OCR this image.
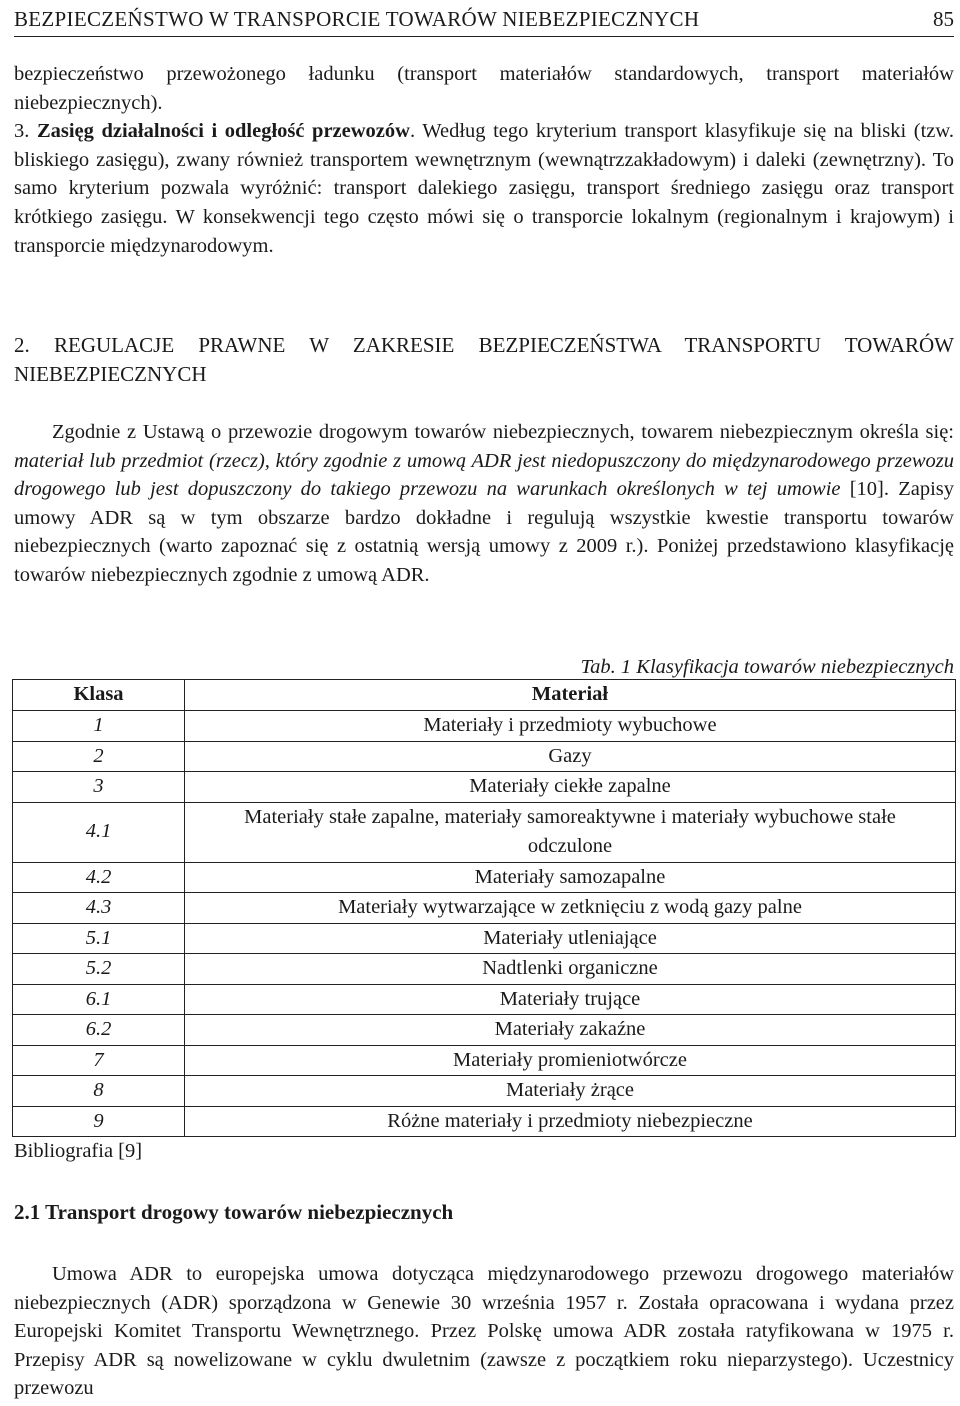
BEZPIECZEŃSTWO W TRANSPORCIE TOWARÓW NIEBEZPIECZNYCH	85

bezpieczeństwo przewożonego ładunku (transport materiałów standardowych, transport materiałów niebezpiecznych).

3. Zasięg działalności i odległość przewozów. Według tego kryterium transport klasyfikuje się na bliski (tzw. bliskiego zasięgu), zwany również transportem wewnętrznym (wewnątrzzakładowym) i daleki (zewnętrzny). To samo kryterium pozwala wyróżnić: transport dalekiego zasięgu, transport średniego zasięgu oraz transport krótkiego zasięgu. W konsekwencji tego często mówi się o transporcie lokalnym (regionalnym i krajowym) i transporcie międzynarodowym.

2. REGULACJE PRAWNE W ZAKRESIE BEZPIECZEŃSTWA TRANSPORTU TOWARÓW NIEBEZPIECZNYCH

Zgodnie z Ustawą o przewozie drogowym towarów niebezpiecznych, towarem niebezpiecznym określa się: materiał lub przedmiot (rzecz), który zgodnie z umową ADR jest niedopuszczony do międzynarodowego przewozu drogowego lub jest dopuszczony do takiego przewozu na warunkach określonych w tej umowie [10]. Zapisy umowy ADR są w tym obszarze bardzo dokładne i regulują wszystkie kwestie transportu towarów niebezpiecznych (warto zapoznać się z ostatnią wersją umowy z 2009 r.). Poniżej przedstawiono klasyfikację towarów niebezpiecznych zgodnie z umową ADR.

Tab. 1 Klasyfikacja towarów niebezpiecznych

Klasa	Materiał
1	Materiały i przedmioty wybuchowe
2	Gazy
3	Materiały ciekłe zapalne
4.1	Materiały stałe zapalne, materiały samoreaktywne i materiały wybuchowe stałe odczulone
4.2	Materiały samozapalne
4.3	Materiały wytwarzające w zetknięciu z wodą gazy palne
5.1	Materiały utleniające
5.2	Nadtlenki organiczne
6.1	Materiały trujące
6.2	Materiały zakaźne
7	Materiały promieniotwórcze
8	Materiały żrące
9	Różne materiały i przedmioty niebezpieczne

Bibliografia [9]

2.1 Transport drogowy towarów niebezpiecznych

Umowa ADR to europejska umowa dotycząca międzynarodowego przewozu drogowego materiałów niebezpiecznych (ADR) sporządzona w Genewie 30 września 1957 r. Została opracowana i wydana przez Europejski Komitet Transportu Wewnętrznego. Przez Polskę umowa ADR została ratyfikowana w 1975 r. Przepisy ADR są nowelizowane w cyklu dwuletnim (zawsze z początkiem roku nieparzystego). Uczestnicy przewozu
